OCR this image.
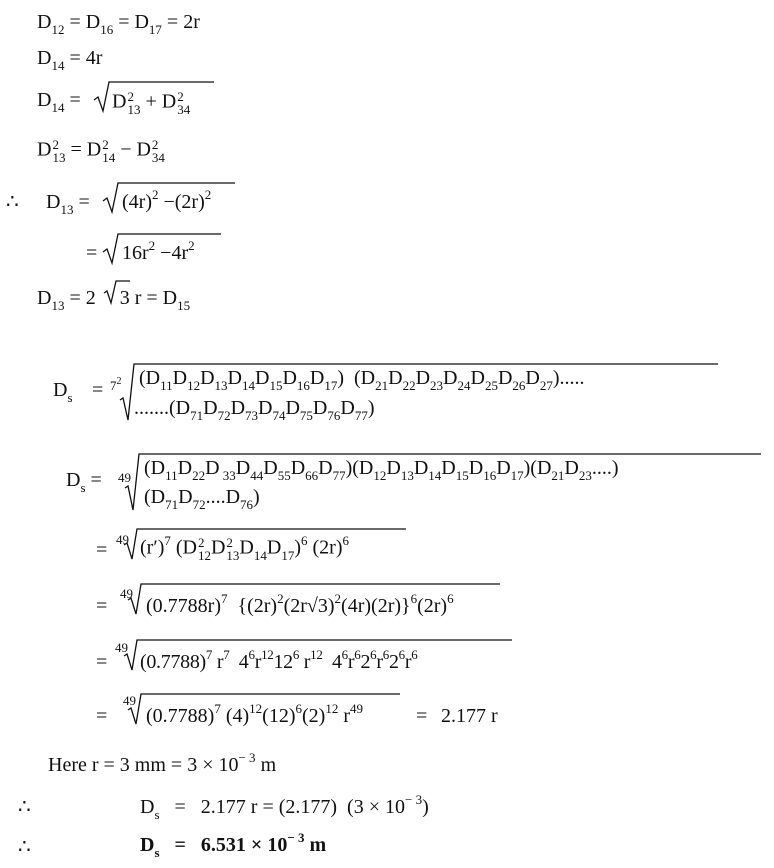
$D_{12} = D_{16} = D_{17} = 2r$
$D_{14} = 4r$
$D_{14} = D$ 2
13 + D 2
34
D 2
13 = D 2
14 − D 2
34
∴ $D_{13} = (4r)^2 -(2r)^2$
= $16r^2 -4r^2$
$D_{13} = 2$
3 $r = D_{15}$
$D_s = 7^2$ $(D_{11}D_{12}D_{13}D_{14}D_{15}D_{16}D_{17})$  $(D_{21}D_{22}D_{23}D_{24}D_{25}D_{26}D_{27})$.....
$.......(D_{71}D_{72}D_{73}D_{74}D_{75}D_{76}D_{77})$
$D_s = 49$ ($D_{11}D_{22}D$ $_{33}D_{44}D_{55}D_{66}D_{77})(D_{12}D_{13}D_{14}D_{15}D_{16}D_{17})(D_{21}D_{23}....)$
$(D_{71}D_{72}....D_{76})$
= 49 $(r')^7$ (D 2
12 D 2
13 $D_{14}D_{17})^6$ $(2r)^6$
=
49
$(0.7788r)^7$  $\{(2r)^2(2r√3)^2(4r)(2r)\}^6(2r)^6$
=
49
$(0.7788)^7$ $r^7$  $4^6r^{12}12^6$ $r^{12}$  $4^6r^62^6r^62^6r^6$
=
49
$(0.7788)^7$ $(4)^{12}(12)^6(2)^{12}$ $r^{49}$	= 2.177 r
Here r = 3 mm = $3 \times 10^{- 3}$ m
∴	$D_s = 2.177$ r = (2.177)  $(3 \times 10^{- 3})$
∴	$D_s = 6.531 \times 10^{- 3}$ m
